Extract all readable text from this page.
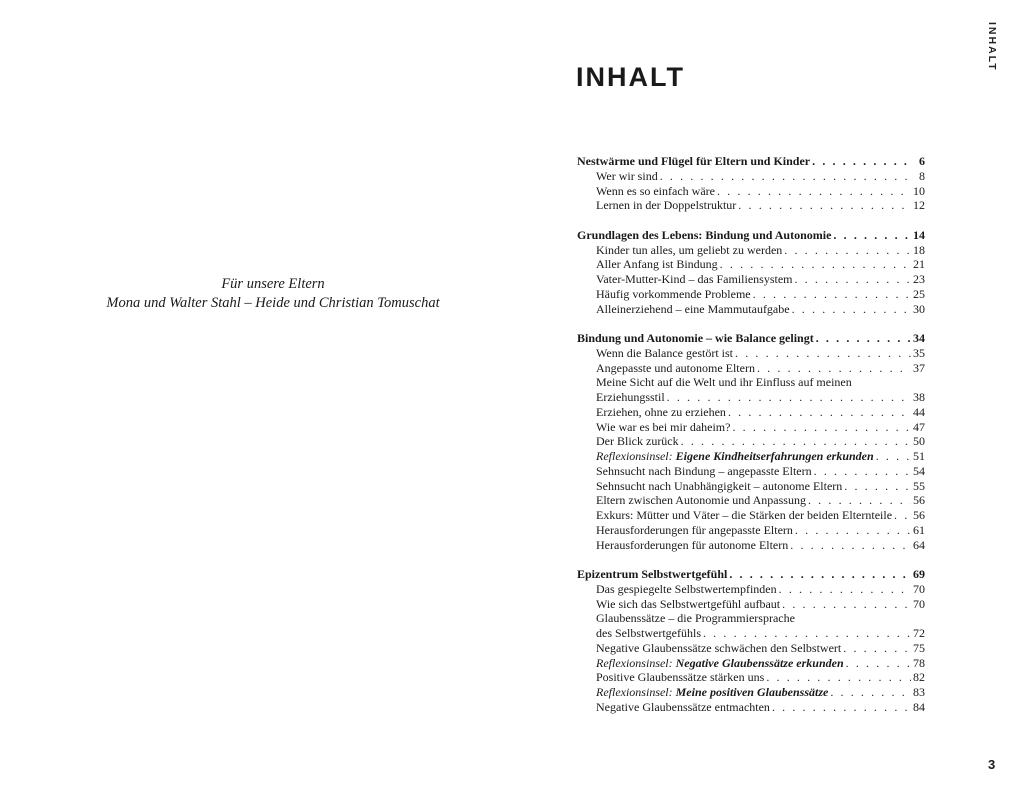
Für unsere Eltern
Mona und Walter Stahl – Heide und Christian Tomuschat
INHALT
INHALT
Nestwärme und Flügel für Eltern und Kinder . . .	6
Wer wir sind . . .	8
Wenn es so einfach wäre . . .	10
Lernen in der Doppelstruktur . . .	12
Grundlagen des Lebens: Bindung und Autonomie . . .	14
Kinder tun alles, um geliebt zu werden . . .	18
Aller Anfang ist Bindung . . .	21
Vater-Mutter-Kind – das Familiensystem . . .	23
Häufig vorkommende Probleme . . .	25
Alleinerziehend – eine Mammutaufgabe . . .	30
Bindung und Autonomie – wie Balance gelingt . . .	34
Wenn die Balance gestört ist . . .	35
Angepasste und autonome Eltern . . .	37
Meine Sicht auf die Welt und ihr Einfluss auf meinen
Erziehungsstil . . .	38
Erziehen, ohne zu erziehen . . .	44
Wie war es bei mir daheim? . . .	47
Der Blick zurück . . .	50
Reflexionsinsel: Eigene Kindheitserfahrungen erkunden . . .	51
Sehnsucht nach Bindung – angepasste Eltern . . .	54
Sehnsucht nach Unabhängigkeit – autonome Eltern . . .	55
Eltern zwischen Autonomie und Anpassung . . .	56
Exkurs: Mütter und Väter – die Stärken der beiden Elternteile . . . 56
Herausforderungen für angepasste Eltern . . .	61
Herausforderungen für autonome Eltern . . .	64
Epizentrum Selbstwertgefühl . . .	69
Das gespiegelte Selbstwertempfinden . . .	70
Wie sich das Selbstwertgefühl aufbaut . . .	70
Glaubenssätze – die Programmiersprache
des Selbstwertgefühls . . .	72
Negative Glaubenssätze schwächen den Selbstwert . . .	75
Reflexionsinsel: Negative Glaubenssätze erkunden . . .	78
Positive Glaubenssätze stärken uns . . .	82
Reflexionsinsel: Meine positiven Glaubenssätze . . .	83
Negative Glaubenssätze entmachten . . .	84
3
